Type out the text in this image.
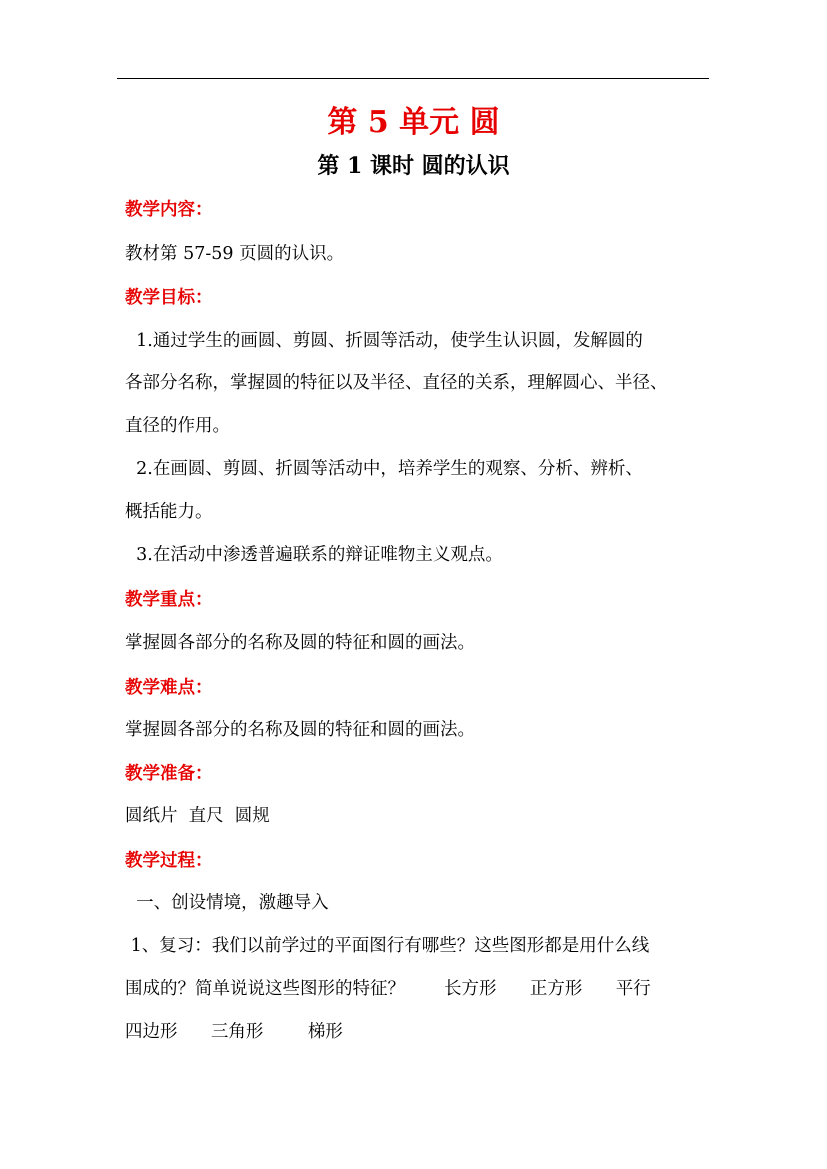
第 5 单元 圆
第 1 课时 圆的认识
教学内容：
教材第 57-59 页圆的认识。
教学目标：
1.通过学生的画圆、剪圆、折圆等活动，使学生认识圆，发解圆的
各部分名称，掌握圆的特征以及半径、直径的关系，理解圆心、半径、
直径的作用。
2.在画圆、剪圆、折圆等活动中，培养学生的观察、分析、辨析、
概括能力。
3.在活动中渗透普遍联系的辩证唯物主义观点。
教学重点：
掌握圆各部分的名称及圆的特征和圆的画法。
教学难点：
掌握圆各部分的名称及圆的特征和圆的画法。
教学准备：
圆纸片  直尺  圆规
教学过程：
一、创设情境，激趣导入
1、复习：我们以前学过的平面图行有哪些？这些图形都是用什么线
围成的？简单说说这些图形的特征？       长方形      正方形      平行
四边形      三角形        梯形
